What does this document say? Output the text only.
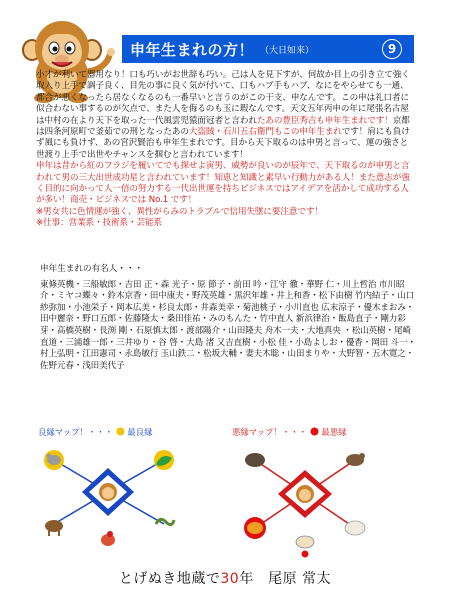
申年生まれの方！ （大日如来）	9

小才が利いて器用なり！口も巧いがお世辞も巧い。己は人を見下すが、何故か目上の引き立て強く取入り上手で調子良く、目先の事に良く気が付いて、口もハブ手もハブ、なにをやらせても一通、都合が悪くなったら居なくなるのも一番早いと言うのがこの干支、申なんです。この申は礼口者に似合わない事するのが欠点で、また人を侮るのも玉に瑕なんです。天文五年丙申の年に尾張名古屋は中村の在より天下を取った一代風雲児猿面冠者と言われたあの豊臣秀吉も申年生まれです！京都は四条河原町で釜茹での刑となったあの大盗賊・石川五右衛門もこの申年生まれです！肩にも負けず風にも負けず、あの宮沢賢治も申年生まれです。目から天下取るのは申男と言って、運の強さと世渡り上手で出世やチャンスを掴むと言われています！

申年は昔から紅のフラジを履いてでも探せよ寅男、威勢が良いのが辰年で、天下取るのが申男と言われて男の三大出世成功星と言われています！知恵と知識と素早い行動力がある人！また意志が強く目的に向かって人一倍の努力する一代出世運を持ちビジネスではアイデアを活かして成功する人が多い！商売・ビジネスでは No.1 です！

※男女共に色情運が強く、異性がらみのトラブルで信用失墜に要注意です！

※仕事：営業系・技術系・芸能系

申年生まれの有名人・・・

東條英機・三船敏郎・吉田 正・森 光子・原 節子・前田 吟・江守 徹・華野 仁・川上哲治 市川昭介・ミヤコ蝶々・鈴木京香・田中康夫・野茂英雄・黒沢年雄・井上和香・松下由樹 竹内結子・山口紗弥加・小池栄子・岡本広美・杉良太郎・井森美幸・菊池桃子・小川直也 広末涼子・優木まおみ・田中麗奈・野口五郎・佐藤隆太・桑田佳祐・みのもんた・竹中直人 新浜律治・飯島直子・剛力彩芽・高橋英樹・長渕 剛・石原慎太郎・渡部陽介・山田隆夫 舟木一夫・大地真央 ・松山英樹・尾崎直道・三浦雄一郎・三井ゆり・谷 啓・大島 渚 又吉直樹・小松 佳・小島よしお・優香・岡田 斗一・村上弘明・江田憲司・永島敏行 玉山鉄二・松坂大輔・妻夫木聡・山田まりや・大野智・五木寛之・佐野元春・浅田美代子

良縁マップ！・・・ 最良縁	悪縁マップ！・・・ 最悪縁
とげぬき地蔵で30年　尾原 常太
